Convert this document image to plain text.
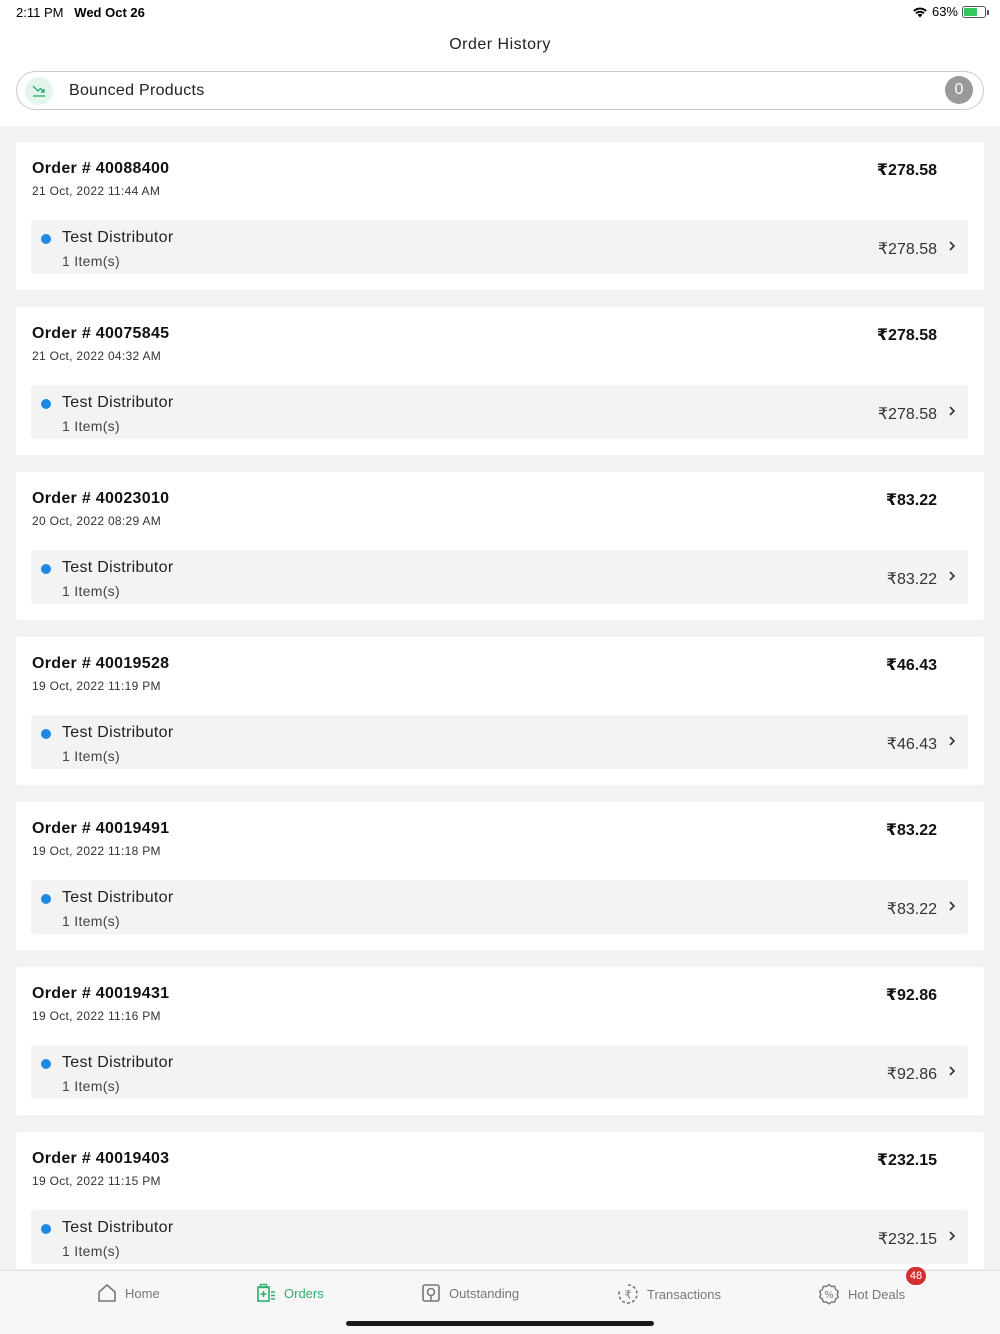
2:11 PM Wed Oct 26	63%
Order History
Bounced Products	0
Order # 40088400
21 Oct, 2022 11:44 AM
₹278.58
Test Distributor
1 Item(s)
₹278.58
Order # 40075845
21 Oct, 2022 04:32 AM
₹278.58
Test Distributor
1 Item(s)
₹278.58
Order # 40023010
20 Oct, 2022 08:29 AM
₹83.22
Test Distributor
1 Item(s)
₹83.22
Order # 40019528
19 Oct, 2022 11:19 PM
₹46.43
Test Distributor
1 Item(s)
₹46.43
Order # 40019491
19 Oct, 2022 11:18 PM
₹83.22
Test Distributor
1 Item(s)
₹83.22
Order # 40019431
19 Oct, 2022 11:16 PM
₹92.86
Test Distributor
1 Item(s)
₹92.86
Order # 40019403
19 Oct, 2022 11:15 PM
₹232.15
Test Distributor
1 Item(s)
₹232.15
Home	Orders	Outstanding	₹ Transactions	% Hot Deals
48
